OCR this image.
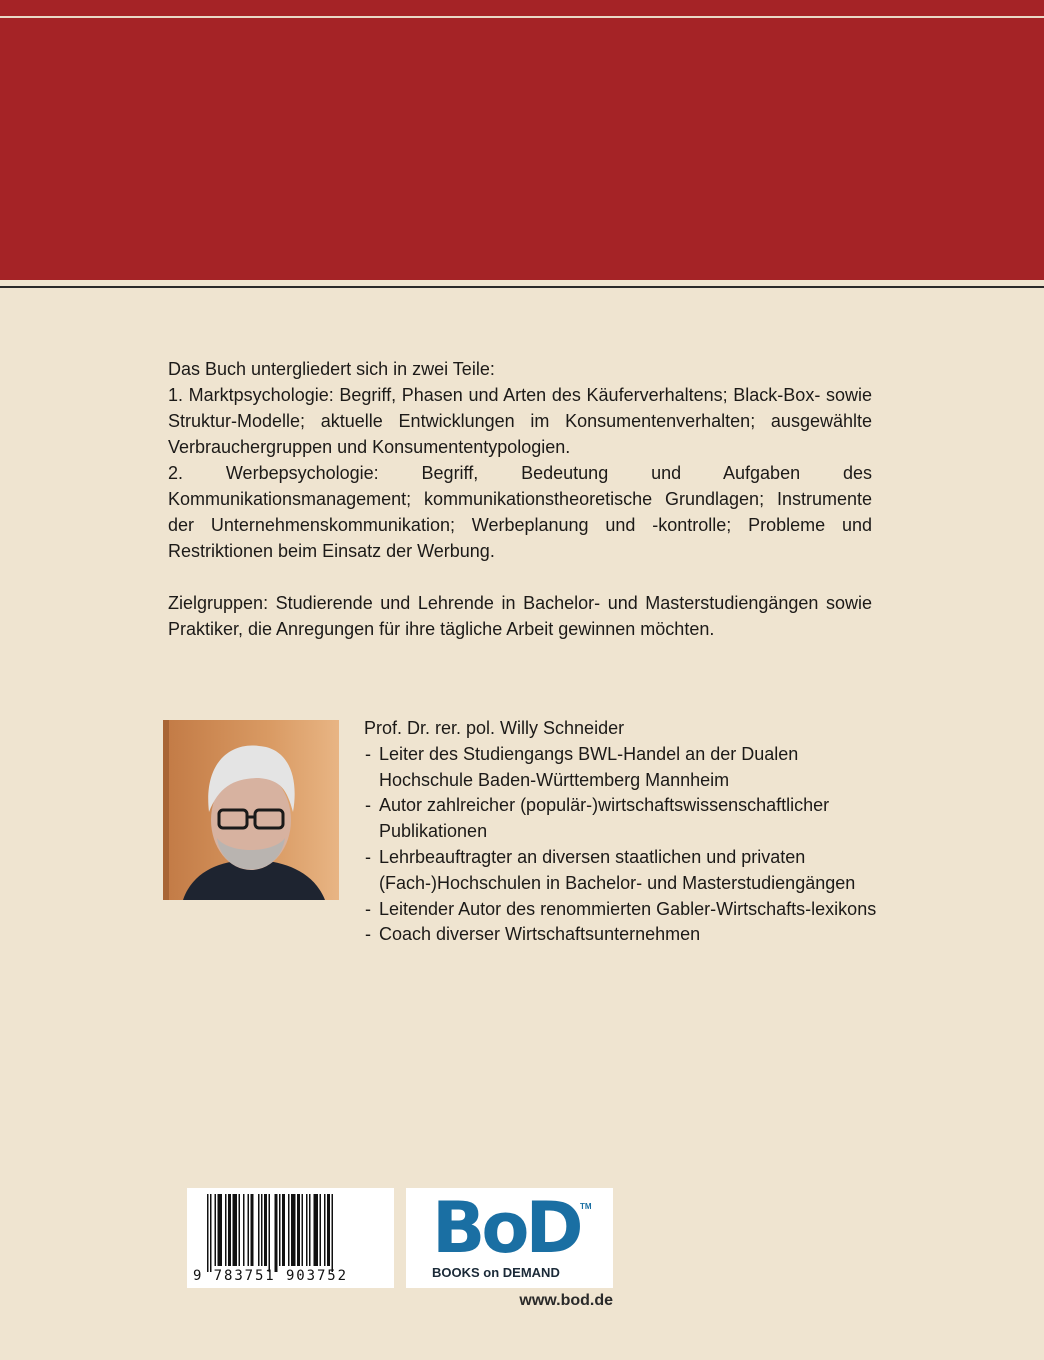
Das Buch untergliedert sich in zwei Teile:

1. Marktpsychologie: Begriff, Phasen und Arten des Käuferverhaltens; Black-Box- sowie Struktur-Modelle; aktuelle Entwicklungen im Konsumentenverhalten; ausgewählte Verbrauchergruppen und Konsumententypologien.

2. Werbepsychologie: Begriff, Bedeutung und Aufgaben des Kommunikationsmanagement; kommunikationstheoretische Grundlagen; Instrumente der Unternehmenskommunikation; Werbeplanung und -kontrolle; Probleme und Restriktionen beim Einsatz der Werbung.

Zielgruppen: Studierende und Lehrende in Bachelor- und Masterstudiengängen sowie Praktiker, die Anregungen für ihre tägliche Arbeit gewinnen möchten.

Prof. Dr. rer. pol. Willy Schneider

- Leiter des Studiengangs BWL-Handel an der Dualen Hochschule Baden-Württemberg Mannheim
- Autor zahlreicher (populär-)wirtschaftswissenschaftlicher Publikationen
- Lehrbeauftragter an diversen staatlichen und privaten (Fach-)Hochschulen in Bachelor- und Masterstudiengängen
- Leitender Autor des renommierten Gabler-Wirtschafts-lexikons
- Coach diverser Wirtschaftsunternehmen
9 783751 903752
BoD TM
BOOKS on DEMAND
www.bod.de
